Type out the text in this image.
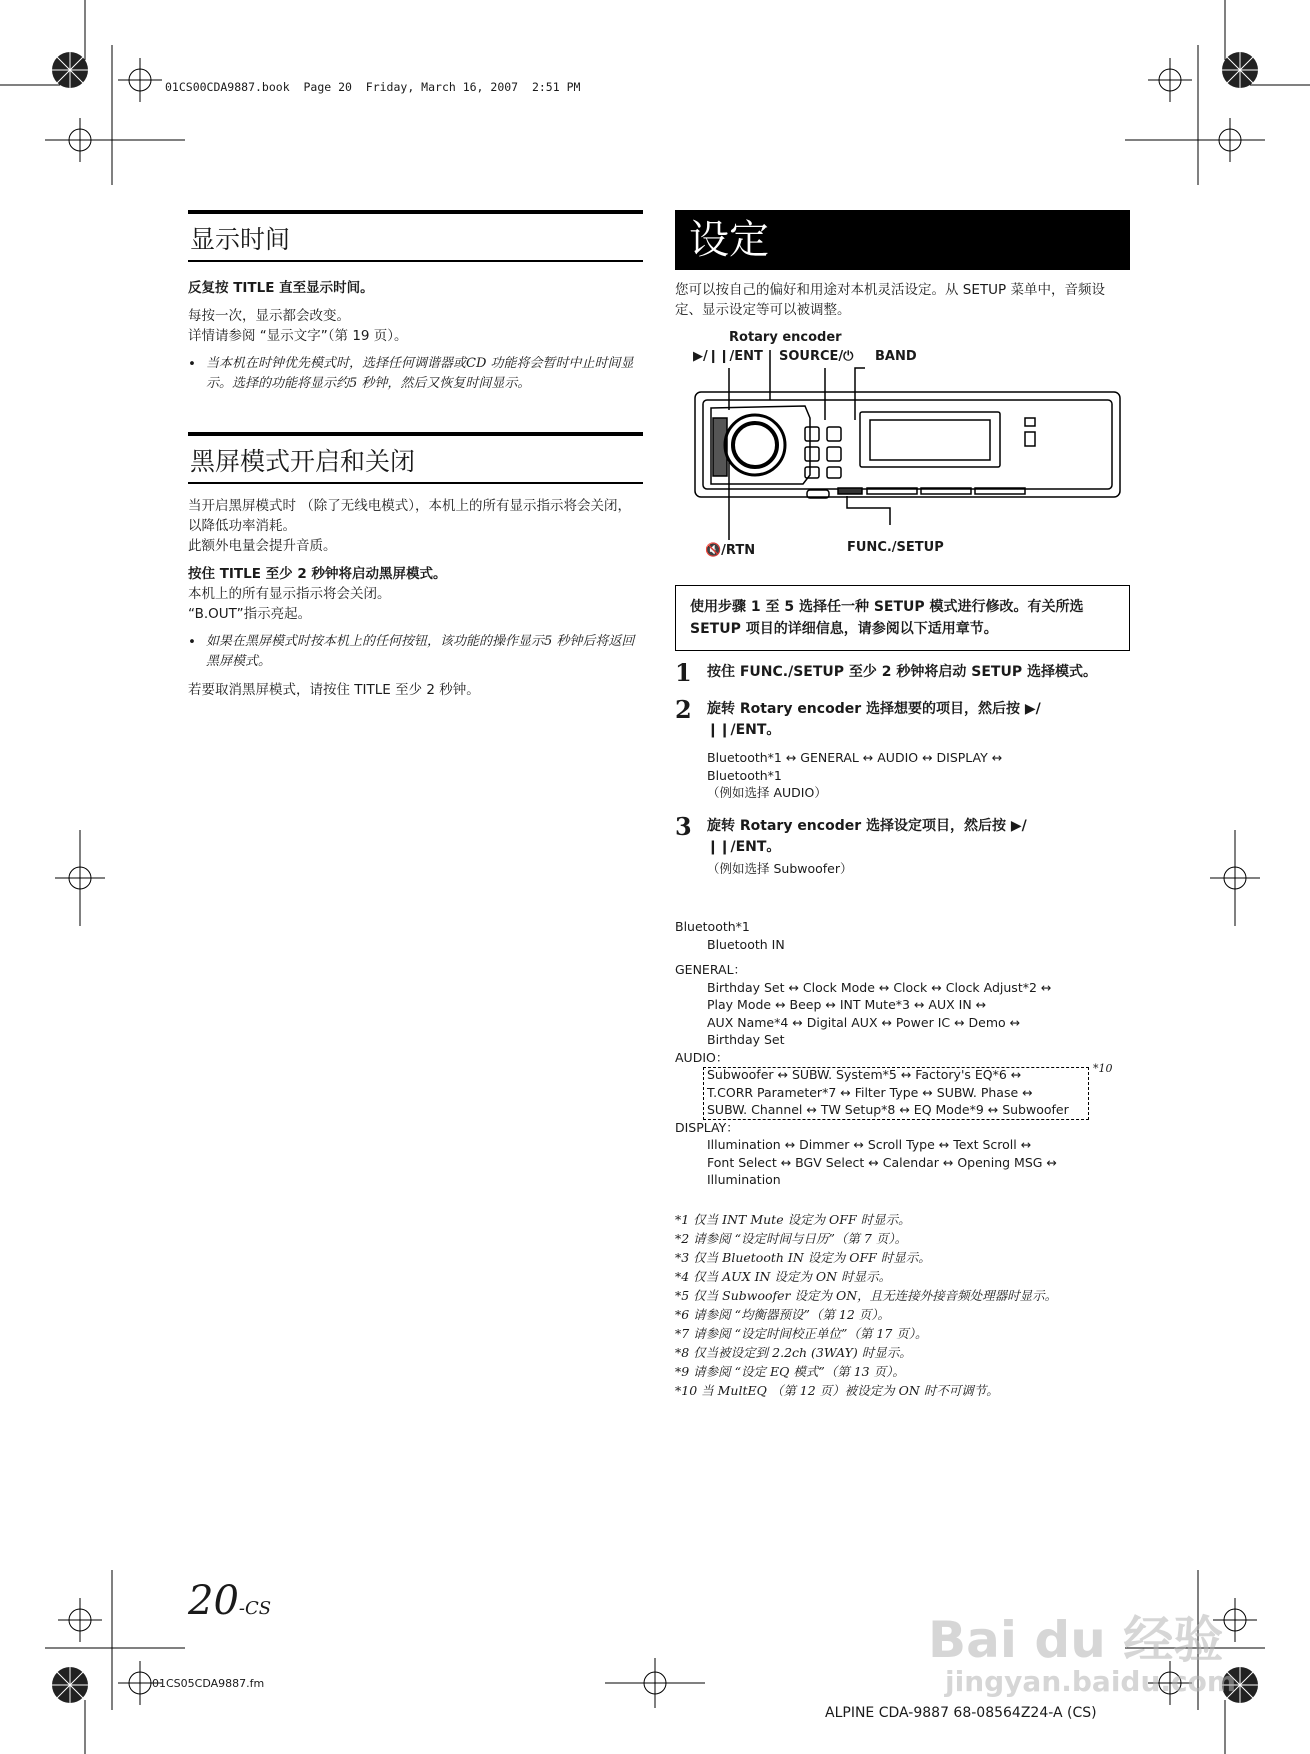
01CS00CDA9887.book  Page 20  Friday, March 16, 2007  2:51 PM
显示时间
反复按 TITLE 直至显示时间。
每按一次，显示都会改变。
详情请参阅 “显示文字”（第 19 页）。
• 当本机在时钟优先模式时，选择任何调谐器或CD 功能将会暂时中止时间显示。选择的功能将显示约5 秒钟，然后又恢复时间显示。
黑屏模式开启和关闭
当开启黑屏模式时 （除了无线电模式），本机上的所有显示指示将会关闭，以降低功率消耗。
此额外电量会提升音质。
按住 TITLE 至少 2 秒钟将启动黑屏模式。
本机上的所有显示指示将会关闭。
“B.OUT”指示亮起。
• 如果在黑屏模式时按本机上的任何按钮，该功能的操作显示5 秒钟后将返回黑屏模式。
若要取消黑屏模式，请按住 TITLE 至少 2 秒钟。
设定
您可以按自己的偏好和用途对本机灵活设定。从 SETUP 菜单中，音频设定、显示设定等可以被调整。
Rotary encoder
▶/❙❙/ENT SOURCE/⏻ BAND
🔇/RTN	FUNC./SETUP
使用步骤 1 至 5 选择任一种 SETUP 模式进行修改。有关所选 SETUP 项目的详细信息，请参阅以下适用章节。
1	按住 FUNC./SETUP 至少 2 秒钟将启动 SETUP 选择模式。
2	旋转 Rotary encoder 选择想要的项目，然后按 ▶/❙❙/ENT。
Bluetooth*1 ↔ GENERAL ↔ AUDIO ↔ DISPLAY ↔
Bluetooth*1
（例如选择 AUDIO）
3	旋转 Rotary encoder 选择设定项目，然后按 ▶/❙❙/ENT。
（例如选择 Subwoofer）
Bluetooth*1
Bluetooth IN
GENERAL：
Birthday Set ↔ Clock Mode ↔ Clock ↔ Clock Adjust*2 ↔
Play Mode ↔ Beep ↔ INT Mute*3 ↔ AUX IN ↔
AUX Name*4 ↔ Digital AUX ↔ Power IC ↔ Demo ↔
Birthday Set
AUDIO：
Subwoofer ↔ SUBW. System*5 ↔ Factory's EQ*6 ↔
T.CORR Parameter*7 ↔ Filter Type ↔ SUBW. Phase ↔
SUBW. Channel ↔ TW Setup*8 ↔ EQ Mode*9 ↔ Subwoofer
*10
DISPLAY：
Illumination ↔ Dimmer ↔ Scroll Type ↔ Text Scroll ↔
Font Select ↔ BGV Select ↔ Calendar ↔ Opening MSG ↔
Illumination
*1 仅当 INT Mute 设定为 OFF 时显示。
*2 请参阅 “设定时间与日历”（第 7 页）。
*3 仅当 Bluetooth IN 设定为 OFF 时显示。
*4 仅当 AUX IN 设定为 ON 时显示。
*5 仅当 Subwoofer 设定为 ON，且无连接外接音频处理器时显示。
*6 请参阅 “均衡器预设”（第 12 页）。
*7 请参阅 “设定时间校正单位”（第 17 页）。
*8 仅当被设定到 2.2ch (3WAY) 时显示。
*9 请参阅 “设定 EQ 模式”（第 13 页）。
*10 当 MultEQ （第 12 页）被设定为 ON 时不可调节。
20-CS
01CS05CDA9887.fm
ALPINE CDA-9887 68-08564Z24-A (CS)
Bai du 经验
jingyan.baidu.com
